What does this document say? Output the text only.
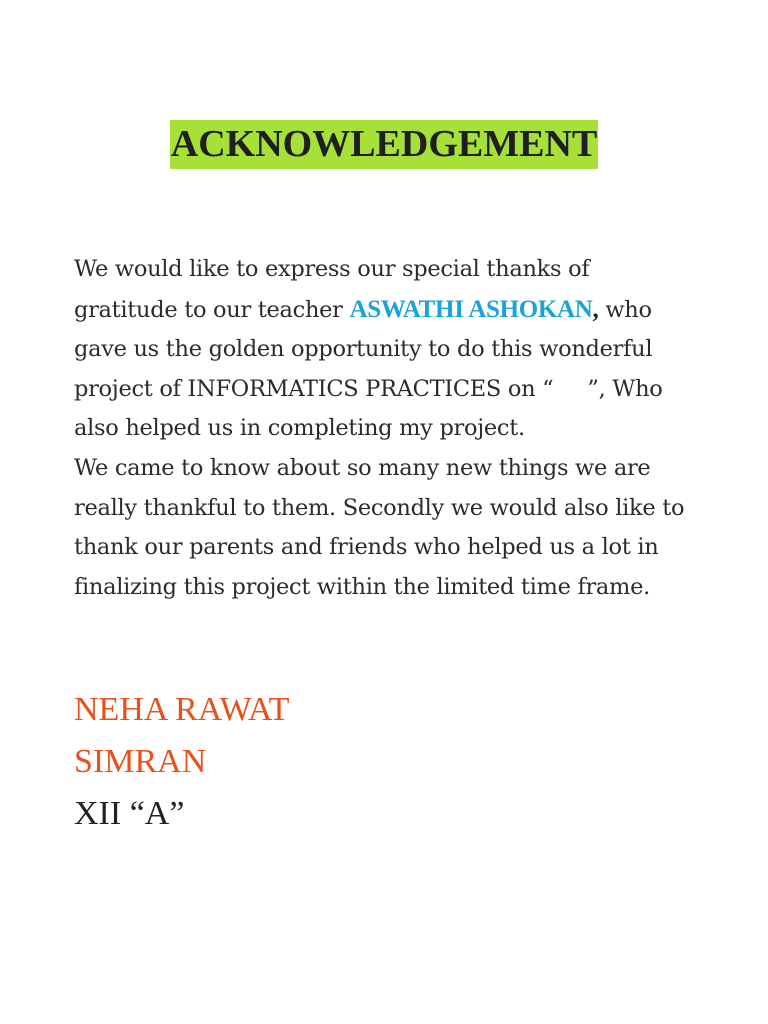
ACKNOWLEDGEMENT

We would like to express our special thanks of gratitude to our teacher ASWATHI ASHOKAN, who gave us the golden opportunity to do this wonderful project of INFORMATICS PRACTICES on “ ”, Who also helped us in completing my project.

We came to know about so many new things we are really thankful to them. Secondly we would also like to thank our parents and friends who helped us a lot in finalizing this project within the limited time frame.

NEHA RAWAT
SIMRAN
XII “A”
